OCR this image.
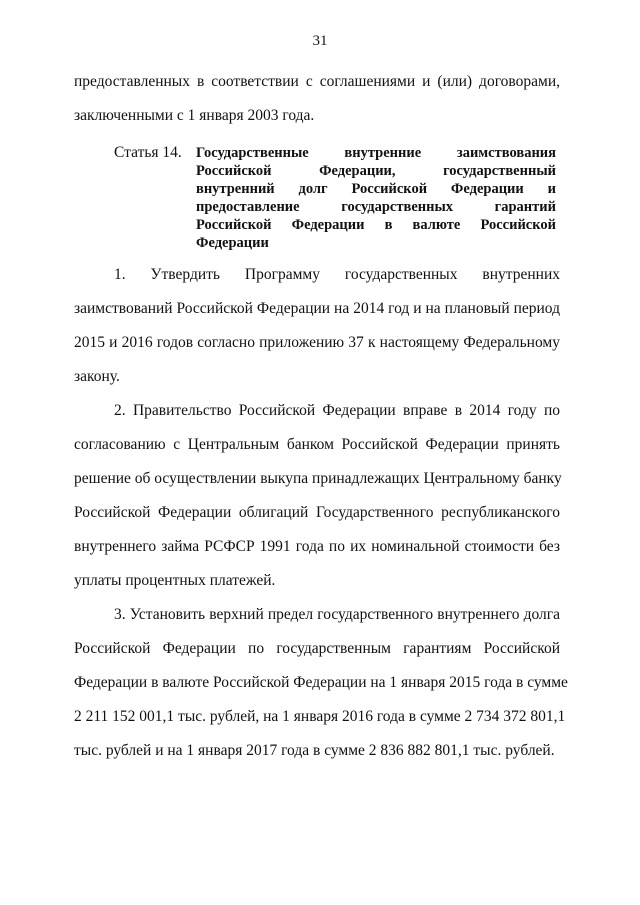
31
предоставленных в соответствии с соглашениями и (или) договорами,
заключенными с 1 января 2003 года.
Статья 14. Государственные внутренние заимствования
Российской Федерации, государственный
внутренний долг Российской Федерации и
предоставление государственных гарантий
Российской Федерации в валюте Российской
Федерации
1. Утвердить Программу государственных внутренних
заимствований Российской Федерации на 2014 год и на плановый период
2015 и 2016 годов согласно приложению 37 к настоящему Федеральному
закону.
2. Правительство Российской Федерации вправе в 2014 году по
согласованию с Центральным банком Российской Федерации принять
решение об осуществлении выкупа принадлежащих Центральному банку
Российской Федерации облигаций Государственного республиканского
внутреннего займа РСФСР 1991 года по их номинальной стоимости без
уплаты процентных платежей.
3. Установить верхний предел государственного внутреннего долга
Российской Федерации по государственным гарантиям Российской
Федерации в валюте Российской Федерации на 1 января 2015 года в сумме
2 211 152 001,1 тыс. рублей, на 1 января 2016 года в сумме 2 734 372 801,1
тыс. рублей и на 1 января 2017 года в сумме 2 836 882 801,1 тыс. рублей.
